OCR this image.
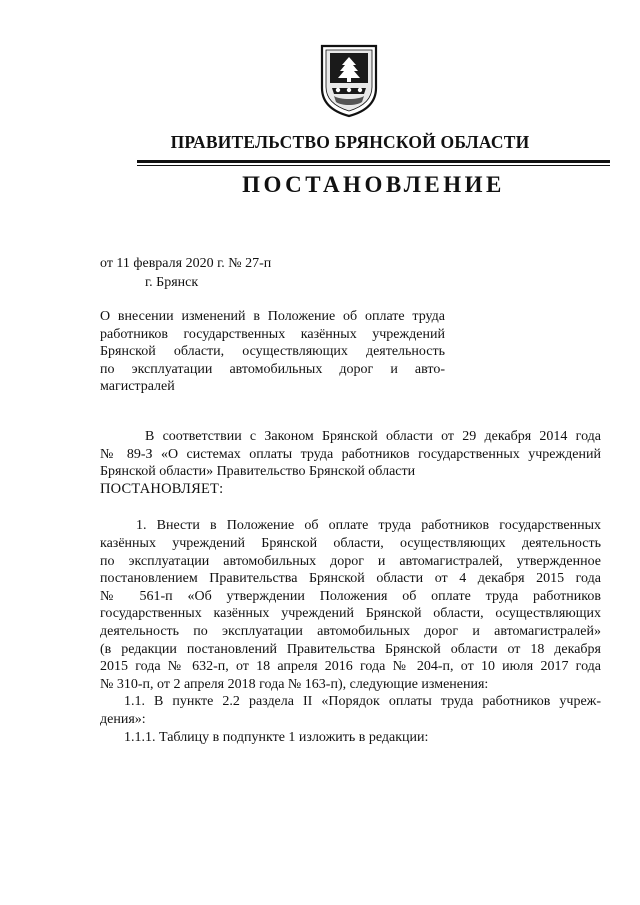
ПРАВИТЕЛЬСТВО БРЯНСКОЙ ОБЛАСТИ
ПОСТАНОВЛЕНИЕ
от 11 февраля 2020 г. № 27-п
г. Брянск
О внесении изменений в Положение об оплате труда
работников государственных казённых учреждений
Брянской области, осуществляющих деятельность
по эксплуатации автомобильных дорог и авто-
магистралей
В соответствии с Законом Брянской области от 29 декабря 2014 года
№ 89-З «О системах оплаты труда работников государственных учреждений
Брянской области» Правительство Брянской области
ПОСТАНОВЛЯЕТ:
1. Внести в Положение об оплате труда работников государственных
казённых учреждений Брянской области, осуществляющих деятельность
по эксплуатации автомобильных дорог и автомагистралей, утвержденное
постановлением Правительства Брянской области от 4 декабря 2015 года
№ 561-п «Об утверждении Положения об оплате труда работников
государственных казённых учреждений Брянской области, осуществляющих
деятельность по эксплуатации автомобильных дорог и автомагистралей»
(в редакции постановлений Правительства Брянской области от 18 декабря
2015 года № 632-п, от 18 апреля 2016 года № 204-п, от 10 июля 2017 года
№ 310-п, от 2 апреля 2018 года № 163-п), следующие изменения:
1.1. В пункте 2.2 раздела II «Порядок оплаты труда работников учреж-
дения»:
1.1.1. Таблицу в подпункте 1 изложить в редакции:
